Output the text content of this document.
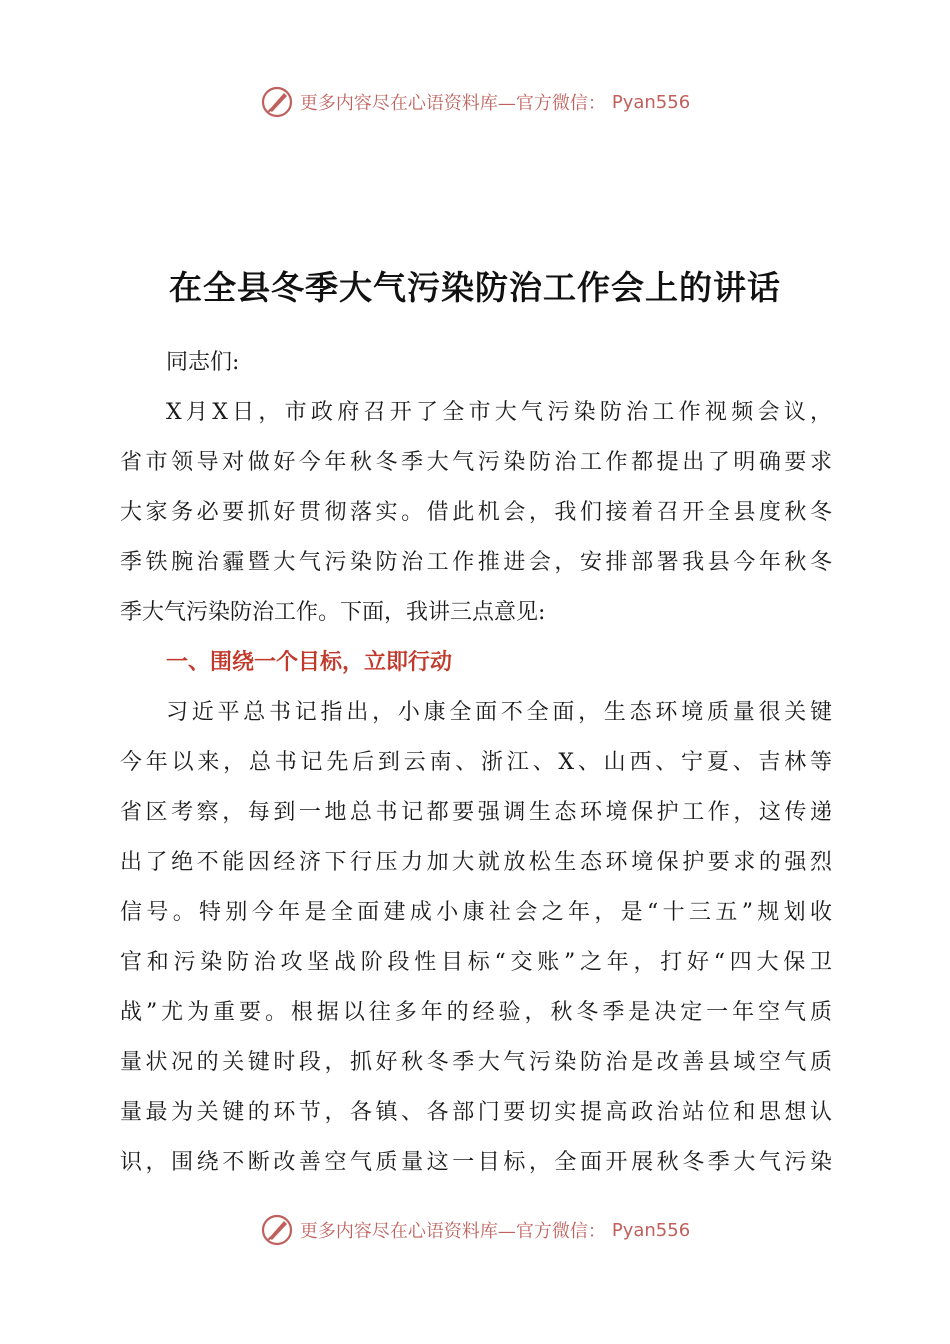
更多内容尽在心语资料库—官方微信： Pyan556
在全县冬季大气污染防治工作会上的讲话
同志们:
X月X日，市政府召开了全市大气污染防治工作视频会议，
省市领导对做好今年秋冬季大气污染防治工作都提出了明确要求
大家务必要抓好贯彻落实。借此机会，我们接着召开全县度秋冬
季铁腕治霾暨大气污染防治工作推进会，安排部署我县今年秋冬
季大气污染防治工作。下面，我讲三点意见:
一、围绕一个目标，立即行动
习近平总书记指出，小康全面不全面，生态环境质量很关键
今年以来，总书记先后到云南、浙江、X、山西、宁夏、吉林等
省区考察，每到一地总书记都要强调生态环境保护工作，这传递
出了绝不能因经济下行压力加大就放松生态环境保护要求的强烈
信号。特别今年是全面建成小康社会之年，是“十三五”规划收
官和污染防治攻坚战阶段性目标“交账”之年，打好“四大保卫
战”尤为重要。根据以往多年的经验，秋冬季是决定一年空气质
量状况的关键时段，抓好秋冬季大气污染防治是改善县域空气质
量最为关键的环节，各镇、各部门要切实提高政治站位和思想认
识，围绕不断改善空气质量这一目标，全面开展秋冬季大气污染
更多内容尽在心语资料库—官方微信： Pyan556
